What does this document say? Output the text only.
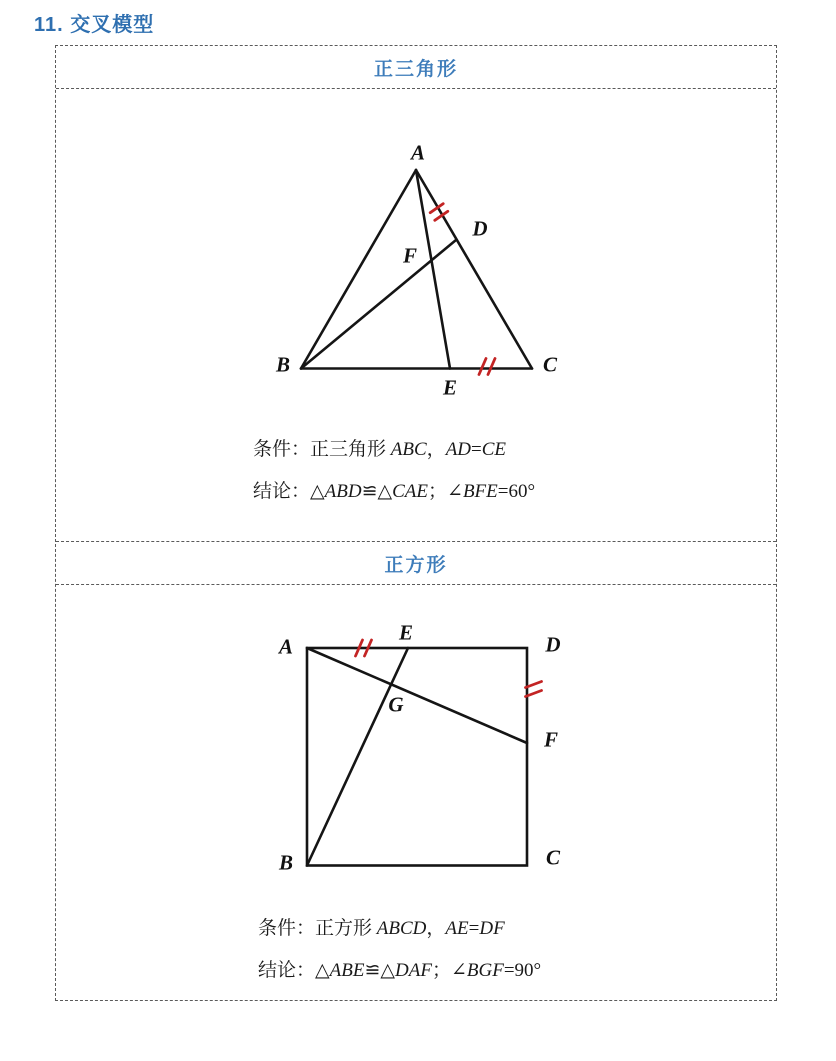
11. 交叉模型
正三角形
A
B	C
D
E
F
条件：正三角形 ABC，AD=CE
结论：△ABD≌△CAE；∠BFE=60°
正方形
A
B	C
D
E
F
G
条件：正方形 ABCD，AE=DF
结论：△ABE≌△DAF；∠BGF=90°
